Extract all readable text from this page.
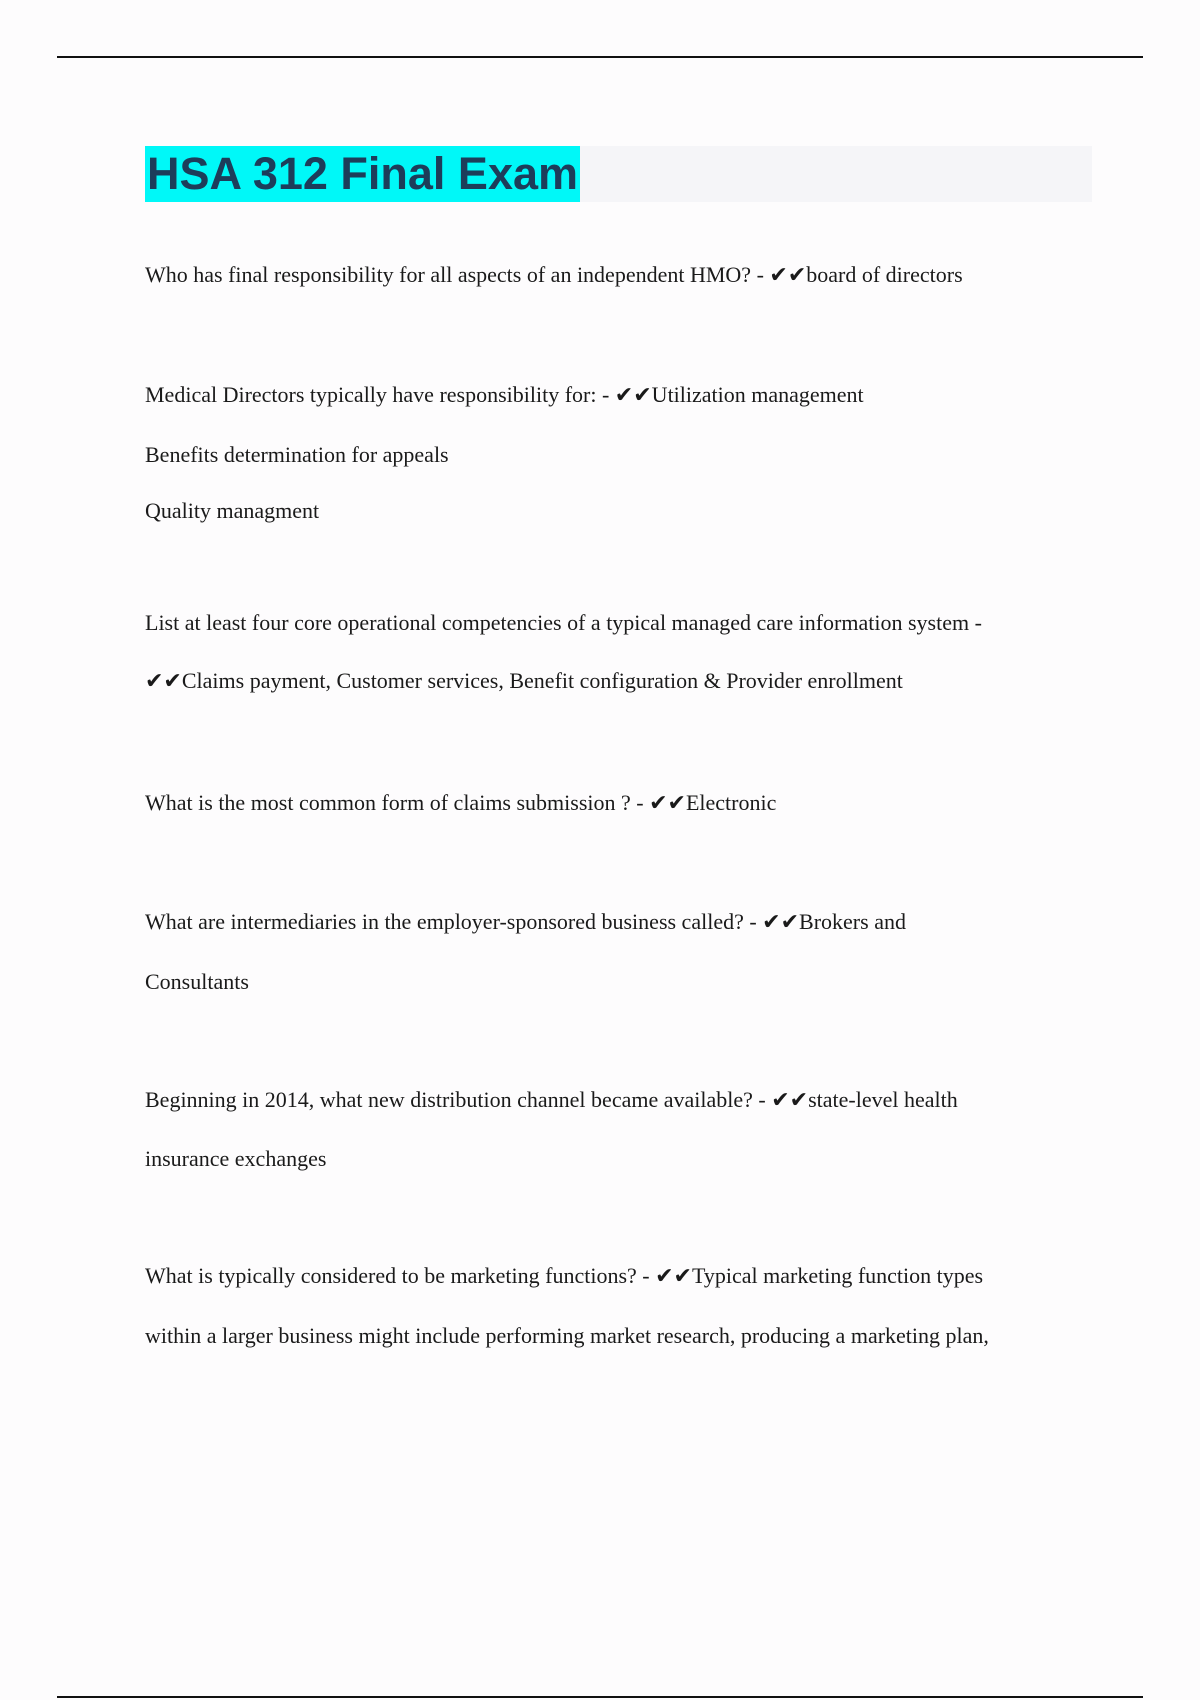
HSA 312 Final Exam

Who has final responsibility for all aspects of an independent HMO? - ✔✔board of directors

Medical Directors typically have responsibility for: - ✔✔Utilization management

Benefits determination for appeals

Quality managment

List at least four core operational competencies of a typical managed care information system -

✔✔Claims payment, Customer services, Benefit configuration & Provider enrollment

What is the most common form of claims submission ? - ✔✔Electronic

What are intermediaries in the employer-sponsored business called? - ✔✔Brokers and

Consultants

Beginning in 2014, what new distribution channel became available? - ✔✔state-level health

insurance exchanges

What is typically considered to be marketing functions? - ✔✔Typical marketing function types

within a larger business might include performing market research, producing a marketing plan,
